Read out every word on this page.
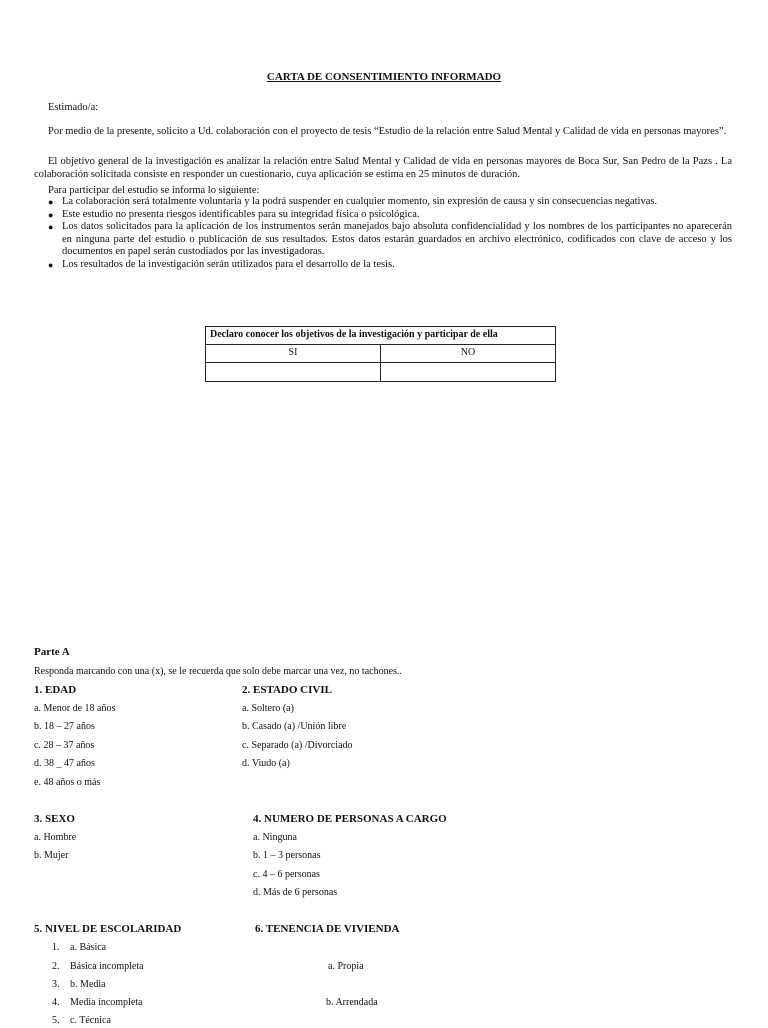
CARTA DE CONSENTIMIENTO INFORMADO
Estimado/a:
Por medio de la presente, solicito a Ud. colaboración con el proyecto de tesis “Estudio de la relación entre Salud Mental y Calidad de vida en personas mayores”.
El objetivo general de la investigación es analizar la relación entre Salud Mental y Calidad de vida en personas mayores de Boca Sur, San Pedro de la Pazs . La colaboración solicitada consiste en responder un cuestionario, cuya aplicación se estima en 25 minutos de duración.
Para participar del estudio se informa lo siguiente:
● La colaboración será totalmente voluntaria y la podrá suspender en cualquier momento, sin expresión de causa y sin consecuencias negativas.
● Este estudio no presenta riesgos identificables para su integridad física o psicológica.
● Los datos solicitados para la aplicación de los instrumentos serán manejados bajo absoluta confidencialidad y los nombres de los participantes no aparecerán en ninguna parte del estudio o publicación de sus resultados. Estos datos estarán guardados en archivo electrónico, codificados con clave de acceso y los documentos en papel serán custodiados por las investigadoras.
● Los resultados de la investigación serán utilizados para el desarrollo de la tesis.
Declaro conocer los objetivos de la investigación y participar de ella	
SI	NO

Parte A
Responda marcando con una (x), se le recuerda que solo debe marcar una vez, no tachones..
1. EDAD
a. Menor de 18 años
b. 18 – 27 años
c. 28 – 37 años
d. 38 _ 47 años
e. 48 años o más
2. ESTADO CIVIL
a. Soltero (a)
b. Casado (a) /Unión libre
c. Separado (a) /Divorciado
d. Viudo (a)
3. SEXO
a. Hombre
b. Mujer
4. NUMERO DE PERSONAS A CARGO
a. Ninguna
b. 1 – 3 personas
c. 4 – 6 personas
d. Más de 6 personas
5. NIVEL DE ESCOLARIDAD
1. a. Básica
2. Básica incompleta
3. b. Media
4. Media incompleta
5. c. Técnica
6. TENENCIA DE VIVIENDA
a. Propia
b. Arrendada
